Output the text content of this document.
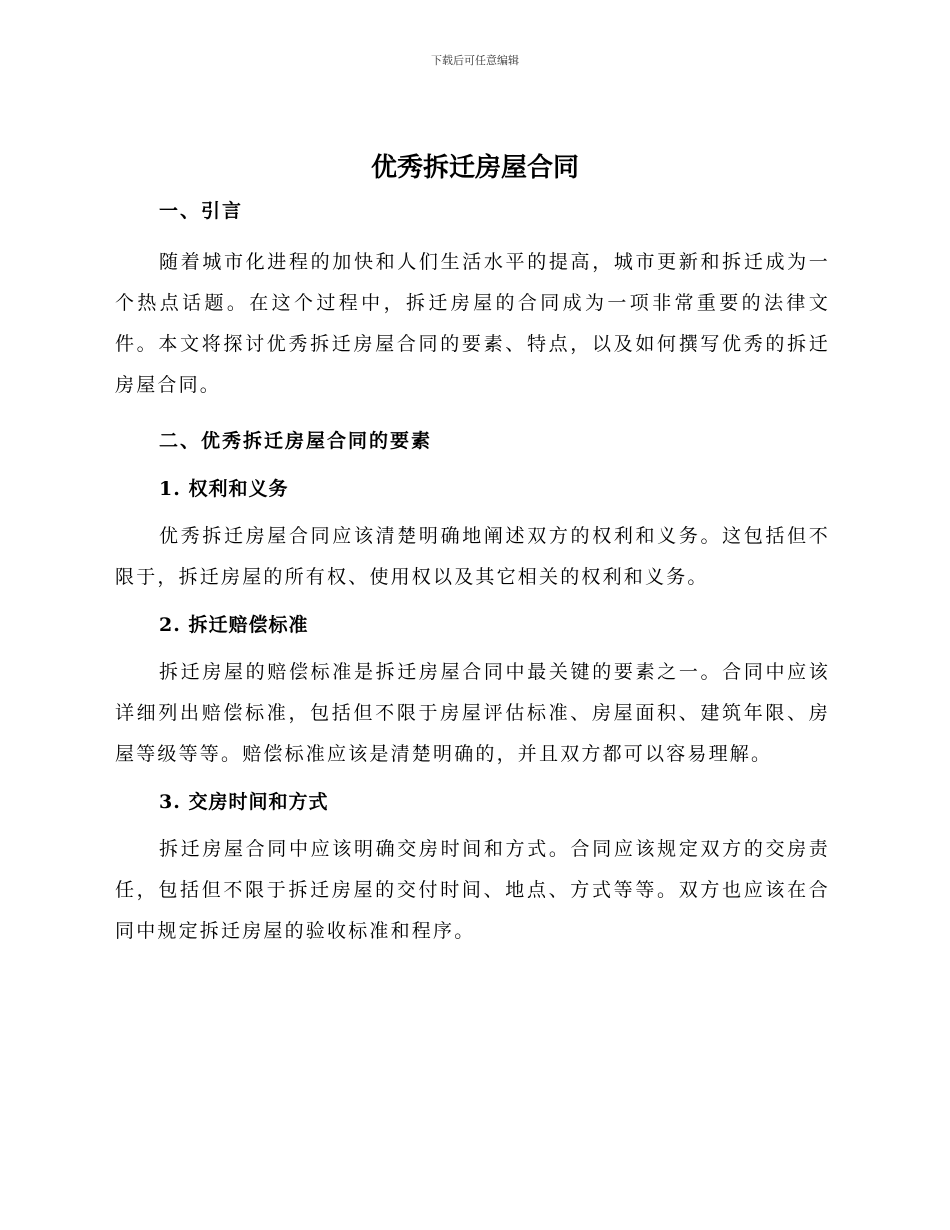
下载后可任意编辑
优秀拆迁房屋合同
一、引言

随着城市化进程的加快和人们生活水平的提高，城市更新和拆迁成为一个热点话题。在这个过程中，拆迁房屋的合同成为一项非常重要的法律文件。本文将探讨优秀拆迁房屋合同的要素、特点，以及如何撰写优秀的拆迁房屋合同。

二、优秀拆迁房屋合同的要素
1. 权利和义务

优秀拆迁房屋合同应该清楚明确地阐述双方的权利和义务。这包括但不限于，拆迁房屋的所有权、使用权以及其它相关的权利和义务。

2. 拆迁赔偿标准

拆迁房屋的赔偿标准是拆迁房屋合同中最关键的要素之一。合同中应该详细列出赔偿标准，包括但不限于房屋评估标准、房屋面积、建筑年限、房屋等级等等。赔偿标准应该是清楚明确的，并且双方都可以容易理解。

3. 交房时间和方式

拆迁房屋合同中应该明确交房时间和方式。合同应该规定双方的交房责任，包括但不限于拆迁房屋的交付时间、地点、方式等等。双方也应该在合同中规定拆迁房屋的验收标准和程序。
